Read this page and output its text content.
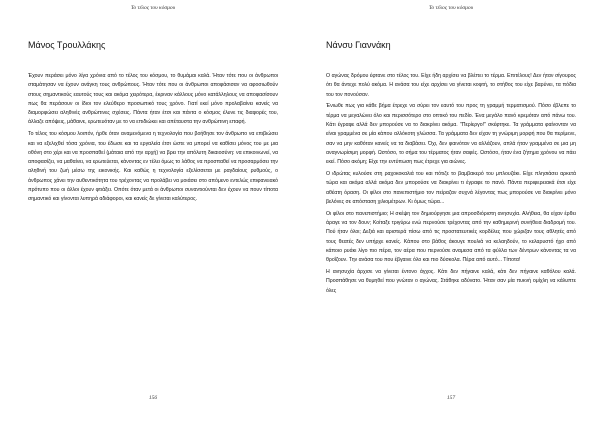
Το τέλος του κόσμου
Μάνος Τρουλλάκης

Έχουν περάσει μόνο λίγα χρόνια από το τέλος του κόσμου, το θυμάμαι καλά. Ήταν τότε που οι άνθρωποι σταμάτησαν να έχουν ανάγκη τους ανθρώπους. Ήταν τότε που οι άνθρωποι αποφάσισαν να αφοσιωθούν στους σημαντικούς εαυτούς τους και ακόμα χειρότερα, έκριναν κάλλους μόνο κατάλληλους να αποφασίσουν πως θα περάσουν οι ίδιοι τον ελεύθερο προσωπικό τους χρόνο. Γιατί εκεί μόνο προλαβαίνει κανείς να διαμορφώσει αληθινές ανθρώπινες σχέσεις. Πάντα ήταν έτσι και πάντα ο κόσμος έλυνε τις διαφορές του, άλλαζε απόψεις, μάθαινε, ερωτευόταν με το να επιδιώκει και απέταυστα την ανθρώπινη επαφή.

Το τέλος του κόσμου λοιπόν, ήρθε όταν αναμενόμενα η τεχνολογία που βοήθησε τον άνθρωπο να επιβιώσει και να εξελιχθεί τόσα χρόνια, του έδωσε και τα εργαλεία έτσι ώστε να μπορεί να καθίσει μόνος του με μια οθόνη στο χέρι και να προσπαθεί (μάταια από την αρχή) να βρει την απόλυτη δικαιοσύνη: να επικοινωνεί, να αποφασίζει, να μαθαίνει, να ερωτεύεται, κάνοντας εν τέλει όμως το λάθος να προσπαθεί να προσαρμόσει την αληθινή του ζωή μέσω της εικονικής. Και καθώς η τεχνολογία εξελίσσεται με ραγδαίους ρυθμούς, ο άνθρωπος χάνει την αυθεντικότητα του τρέχοντας να προλάβει να μοιάσει στο απόμενο εντελώς επιφανειακό πρότυπο που οι άλλοι έχουν φτιάξει. Οπότε όταν μετά οι άνθρωποι συναντιούνται δεν έχουν να πουν τίποτα σημαντικό και γίνονται λυπηρά αδιάφοροι, και κανείς δε γίνεται καλύτερος.

156
Το τέλος του κόσμου
Νάνσυ Γιαννάκη

Ο αγώνας δρόμου έφτανε στο τέλος του. Είχε ήδη αρχίσει να βλέπει το τέρμα. Επιτέλους! Δεν ήταν σίγουρος ότι θα άντεχε πολύ ακόμα. Η ανάσα του είχε αρχίσει να γίνεται κοφτή, το στήθος του είχε βαρύνει, τα πόδια του τον πονούσαν.

Ένιωθε πως για κάθε βήμα έτρεχε να σύρει τον εαυτό του προς τη γραμμή τερματισμού. Πόσο έβλεπε το τέρμα να μεγαλώνει όλο και περισσότερο στο οπτικό του πεδίο. Ένα μεγάλο πανό κρεμόταν από πάνω του. Κάτι έγραφε αλλά δεν μπορούσε να το διακρίνει ακόμα. "Περίεργο!" σκέφτηκε. Τα γράμματα φαίνονταν να είναι γραμμένα σε μία κάπου αλλόκοτη γλώσσα. Τα γράμματα δεν είχαν τη γνώριμη μορφή που θα περίμενε, σαν να μην καθόταν κανείς να τα διαβάσει. Όχι, δεν φαινόταν να αλλάζουν, απλά ήταν γραμμένα σε μια μη αναγνωρίσιμη μορφή. Ωστόσο, το σήμα του τέρματος ήταν σαφές. Ωστόσο, ήταν ένα ζήτημα χρόνου να πάει εκεί. Πόσο ακόμη; Είχε την εντύπωση πως έτρεχε για αιώνες.

Ο ιδρώτας κυλούσε στη ραχοκοκαλιά του και πότιζε το βαμβακερό του μπλουζάκι. Είχε πλησιάσει αρκετά τώρα και ακόμα αλλά ακόμα δεν μπορούσε να διακρίνει τι έγραφε το πανό. Πάντα περιφερειακά έτσι είχε αθέατη όραση. Οι φίλοι στο πανεπιστήμιο τον πείραζαν συχνά λέγοντας πως μπορούσε να διακρίνει μόνο βελόνες σε απόσταση χιλιομέτρων. Κι όμως τώρα...

Οι φίλοι στο πανεπιστήμιο; Η σκέψη τον δημιούργησε μια απροσδιόριστη ανησυχία. Αλήθεια, θα είχαν έρθει άραγε να τον δουν; Κοίταξε τριγύρω ενώ περνούσε τρέχοντας από την καθημερινή συνήθεια διαδρομή του. Πού ήταν όλοι; Δεξιά και αριστερά πίσω από τις προστατευτικές κορδέλες που χώριζαν τους αθλητές από τους θεατές δεν υπήρχε κανείς. Κάπου στο βάθος άκουγε πουλιά να κελαηδούν, το κελαρυστό ήχο από κάποιο ρυάκι λίγο πιο πέρα, τον αέρα που περνούσε αναμεσα από τα φύλλα των δέντρων κάνοντας τα να θροΐζουν. Την ανάσα του που έβγαινε όλο και πιο δύσκολα. Πέρα από αυτό... Τίποτα!

Η ανησυχία άρχισε να γίνεται έντονο άγχος. Κάτι δεν πήγαινε καλά, κάτι δεν πήγαινε καθόλου καλά. Προσπάθησε να θυμηθεί που γνώταν ο αγώνας. Στάθηκε αδύνατο. Ήταν σαν μία πυκνή ομίχλη να κάλυπτε όλες

157
